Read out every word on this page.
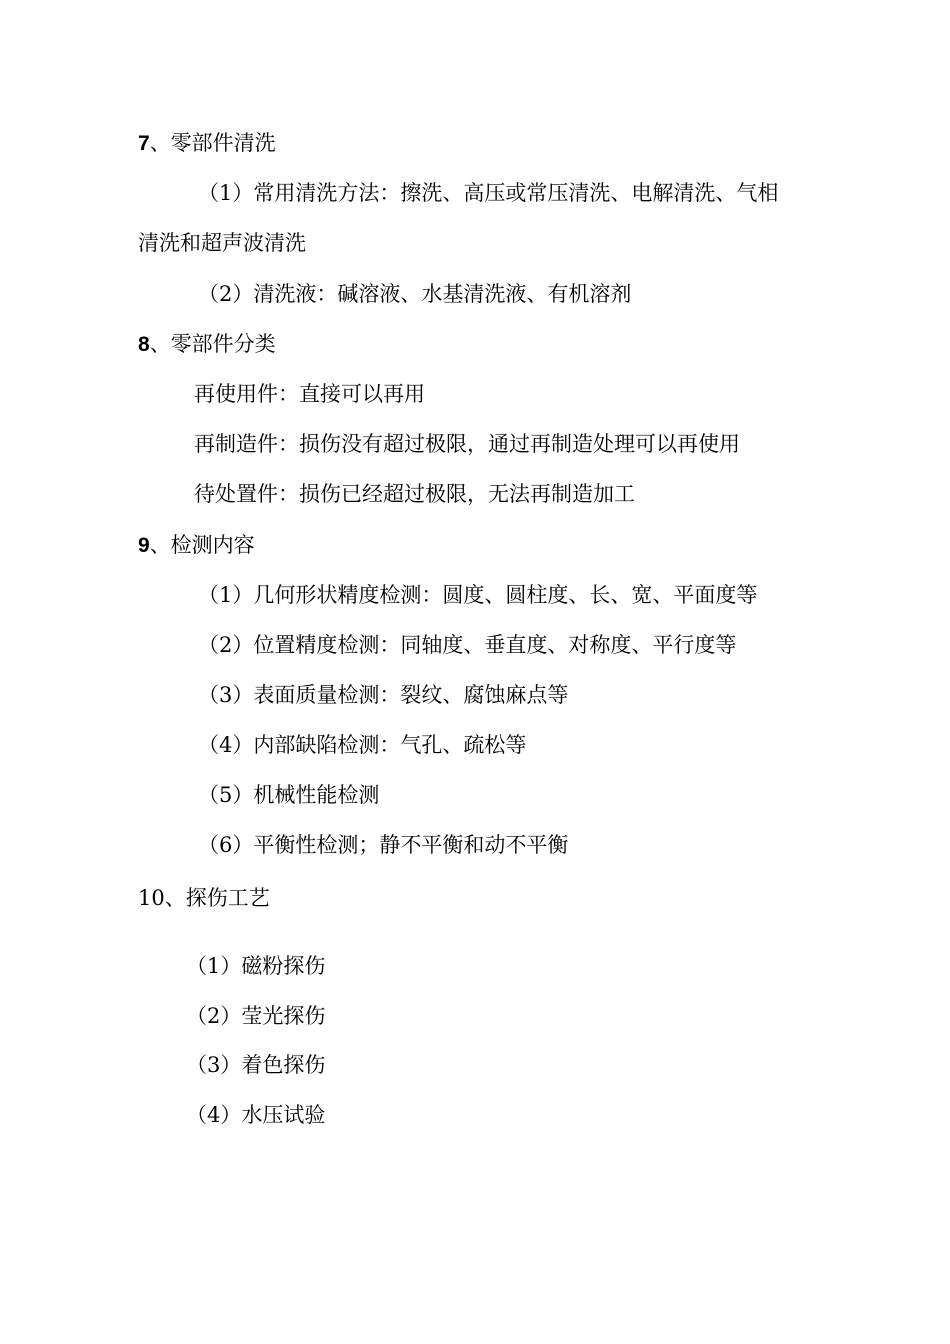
7、零部件清洗

（1）常用清洗方法：擦洗、高压或常压清洗、电解清洗、气相

清洗和超声波清洗

（2）清洗液：碱溶液、水基清洗液、有机溶剂

8、零部件分类

再使用件：直接可以再用

再制造件：损伤没有超过极限，通过再制造处理可以再使用

待处置件：损伤已经超过极限，无法再制造加工

9、检测内容

（1）几何形状精度检测：圆度、圆柱度、长、宽、平面度等

（2）位置精度检测：同轴度、垂直度、对称度、平行度等

（3）表面质量检测：裂纹、腐蚀麻点等

（4）内部缺陷检测：气孔、疏松等

（5）机械性能检测

（6）平衡性检测；静不平衡和动不平衡

10、探伤工艺

（1）磁粉探伤

（2）莹光探伤

（3）着色探伤

（4）水压试验
